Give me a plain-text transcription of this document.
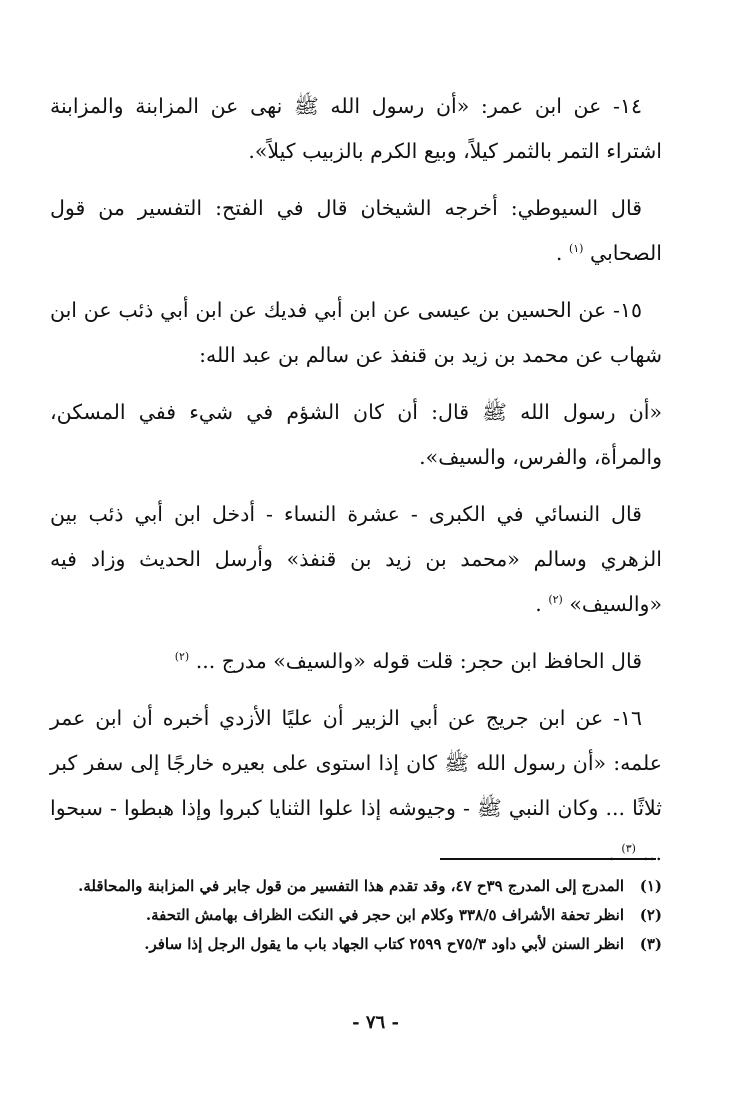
١٤- عن ابن عمر: «أن رسول الله ﷺ نهى عن المزابنة والمزابنة اشتراء التمر بالثمر كيلاً، وبيع الكرم بالزبيب كيلاً».

قال السيوطي: أخرجه الشيخان قال في الفتح: التفسير من قول الصحابي $^{(١)}$ .

١٥- عن الحسين بن عيسى عن ابن أبي فديك عن ابن أبي ذئب عن ابن شهاب عن محمد بن زيد بن قنفذ عن سالم بن عبد الله:

«أن رسول الله ﷺ قال: أن كان الشؤم في شيء ففي المسكن، والمرأة، والفرس، والسيف».

قال النسائي في الكبرى - عشرة النساء - أدخل ابن أبي ذئب بين الزهري وسالم «محمد بن زيد بن قنفذ» وأرسل الحديث وزاد فيه «والسيف» $^{(٢)}$ .

قال الحافظ ابن حجر: قلت قوله «والسيف» مدرج ... $^{(٢)}$

١٦- عن ابن جريج عن أبي الزبير أن عليًا الأزدي أخبره أن ابن عمر علمه: «أن رسول الله ﷺ كان إذا استوى على بعيره خارجًا إلى سفر كبر ثلاثًا ... وكان النبي ﷺ - وجيوشه إذا علوا الثنايا كبروا وإذا هبطوا - سبحوا ... $^{(٣)}$ .

(١)
المدرج إلى المدرج ٣٩ح ٤٧، وقد تقدم هذا التفسير من قول جابر في المزابنة والمحاقلة.
(٢)
انظر تحفة الأشراف ٣٣٨/٥ وكلام ابن حجر في النكت الظراف بهامش التحفة.
(٣)
انظر السنن لأبي داود ٧٥/٣ح ٢٥٩٩ كتاب الجهاد باب ما يقول الرجل إذا سافر.
- ٧٦ -
